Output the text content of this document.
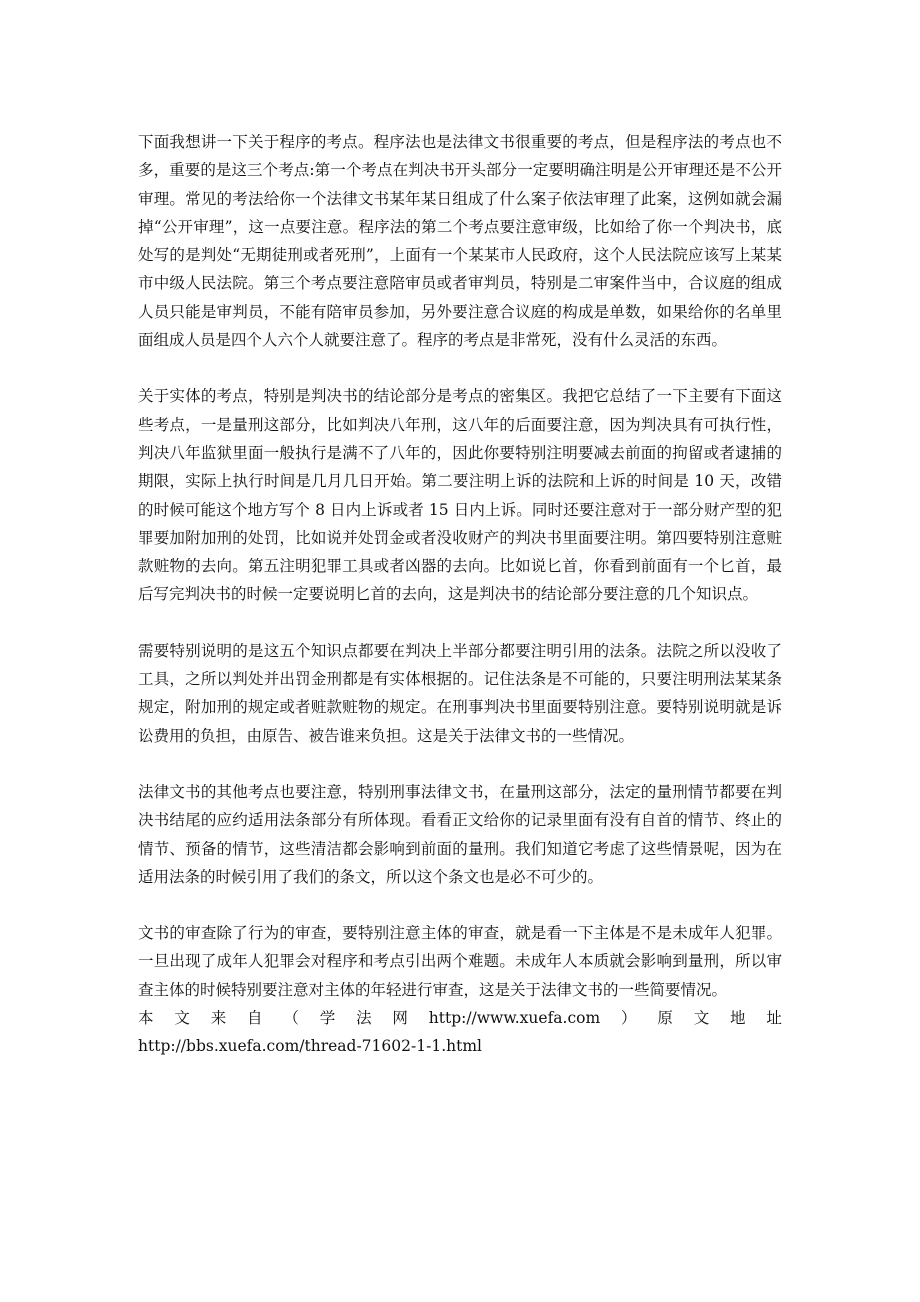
下面我想讲一下关于程序的考点。程序法也是法律文书很重要的考点，但是程序法的考点也不多，重要的是这三个考点:第一个考点在判决书开头部分一定要明确注明是公开审理还是不公开审理。常见的考法给你一个法律文书某年某日组成了什么案子依法审理了此案，这例如就会漏掉“公开审理”，这一点要注意。程序法的第二个考点要注意审级，比如给了你一个判决书，底处写的是判处“无期徒刑或者死刑”，上面有一个某某市人民政府，这个人民法院应该写上某某市中级人民法院。第三个考点要注意陪审员或者审判员，特别是二审案件当中，合议庭的组成人员只能是审判员，不能有陪审员参加，另外要注意合议庭的构成是单数，如果给你的名单里面组成人员是四个人六个人就要注意了。程序的考点是非常死，没有什么灵活的东西。

关于实体的考点，特别是判决书的结论部分是考点的密集区。我把它总结了一下主要有下面这些考点，一是量刑这部分，比如判决八年刑，这八年的后面要注意，因为判决具有可执行性，判决八年监狱里面一般执行是满不了八年的，因此你要特别注明要减去前面的拘留或者逮捕的期限，实际上执行时间是几月几日开始。第二要注明上诉的法院和上诉的时间是 10 天，改错的时候可能这个地方写个 8 日内上诉或者 15 日内上诉。同时还要注意对于一部分财产型的犯罪要加附加刑的处罚，比如说并处罚金或者没收财产的判决书里面要注明。第四要特别注意赃款赃物的去向。第五注明犯罪工具或者凶器的去向。比如说匕首，你看到前面有一个匕首，最后写完判决书的时候一定要说明匕首的去向，这是判决书的结论部分要注意的几个知识点。

需要特别说明的是这五个知识点都要在判决上半部分都要注明引用的法条。法院之所以没收了工具，之所以判处并出罚金刑都是有实体根据的。记住法条是不可能的，只要注明刑法某某条规定，附加刑的规定或者赃款赃物的规定。在刑事判决书里面要特别注意。要特别说明就是诉讼费用的负担，由原告、被告谁来负担。这是关于法律文书的一些情况。

法律文书的其他考点也要注意，特别刑事法律文书，在量刑这部分，法定的量刑情节都要在判决书结尾的应约适用法条部分有所体现。看看正文给你的记录里面有没有自首的情节、终止的情节、预备的情节，这些清洁都会影响到前面的量刑。我们知道它考虑了这些情景呢，因为在适用法条的时候引用了我们的条文，所以这个条文也是必不可少的。

文书的审查除了行为的审查，要特别注意主体的审查，就是看一下主体是不是未成年人犯罪。一旦出现了成年人犯罪会对程序和考点引出两个难题。未成年人本质就会影响到量刑，所以审查主体的时候特别要注意对主体的年轻进行审查，这是关于法律文书的一些简要情况。

本 文 来 自 （ 学 法 网 http://www.xuefa.com ） 原 文 地 址
http://bbs.xuefa.com/thread-71602-1-1.html
